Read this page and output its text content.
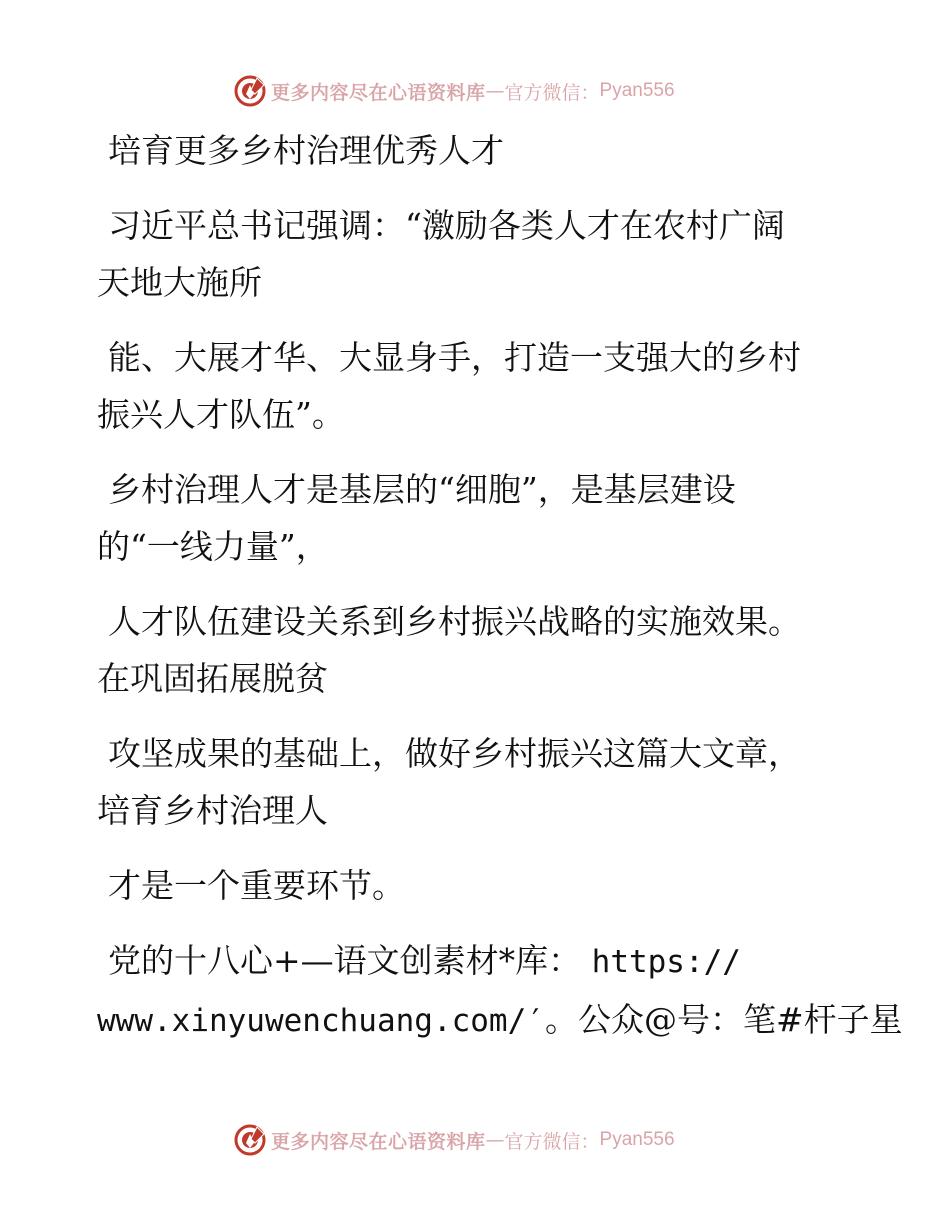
更多内容尽在心语资料库 — 官方微信： Pyan556
培育更多乡村治理优秀人才
习近平总书记强调：“激励各类人才在农村广阔
天地大施所
能、大展才华、大显身手，打造一支强大的乡村
振兴人才队伍”。
乡村治理人才是基层的“细胞”，是基层建设
的“一线力量”，
人才队伍建设关系到乡村振兴战略的实施效果。
在巩固拓展脱贫
攻坚成果的基础上，做好乡村振兴这篇大文章，
培育乡村治理人
才是一个重要环节。
党的十八心+—语文创素材*库： https://
www.xinyuwenchuang.com/′。公众@号：笔#杆子星
更多内容尽在心语资料库 — 官方微信： Pyan556
